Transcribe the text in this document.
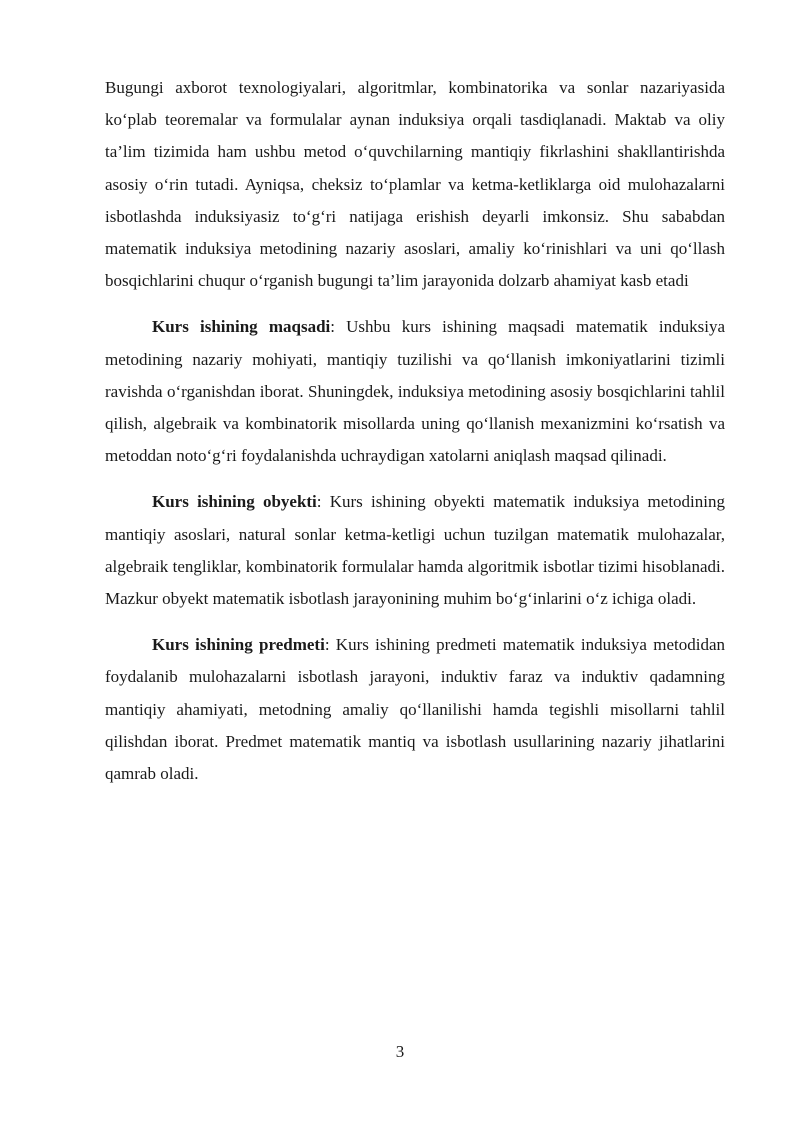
Bugungi axborot texnologiyalari, algoritmlar, kombinatorika va sonlar nazariyasida ko‘plab teoremalar va formulalar aynan induksiya orqali tasdiqlanadi. Maktab va oliy ta’lim tizimida ham ushbu metod o‘quvchilarning mantiqiy fikrlashini shakllantirishda asosiy o‘rin tutadi. Ayniqsa, cheksiz to‘plamlar va ketma-ketliklarga oid mulohazalarni isbotlashda induksiyasiz to‘g‘ri natijaga erishish deyarli imkonsiz. Shu sababdan matematik induksiya metodining nazariy asoslari, amaliy ko‘rinishlari va uni qo‘llash bosqichlarini chuqur o‘rganish bugungi ta’lim jarayonida dolzarb ahamiyat kasb etadi

Kurs ishining maqsadi: Ushbu kurs ishining maqsadi matematik induksiya metodining nazariy mohiyati, mantiqiy tuzilishi va qo‘llanish imkoniyatlarini tizimli ravishda o‘rganishdan iborat. Shuningdek, induksiya metodining asosiy bosqichlarini tahlil qilish, algebraik va kombinatorik misollarda uning qo‘llanish mexanizmini ko‘rsatish va metoddan noto‘g‘ri foydalanishda uchraydigan xatolarni aniqlash maqsad qilinadi.

Kurs ishining obyekti: Kurs ishining obyekti matematik induksiya metodining mantiqiy asoslari, natural sonlar ketma-ketligi uchun tuzilgan matematik mulohazalar, algebraik tengliklar, kombinatorik formulalar hamda algoritmik isbotlar tizimi hisoblanadi. Mazkur obyekt matematik isbotlash jarayonining muhim bo‘g‘inlarini o‘z ichiga oladi.

Kurs ishining predmeti: Kurs ishining predmeti matematik induksiya metodidan foydalanib mulohazalarni isbotlash jarayoni, induktiv faraz va induktiv qadamning mantiqiy ahamiyati, metodning amaliy qo‘llanilishi hamda tegishli misollarni tahlil qilishdan iborat. Predmet matematik mantiq va isbotlash usullarining nazariy jihatlarini qamrab oladi.

3
